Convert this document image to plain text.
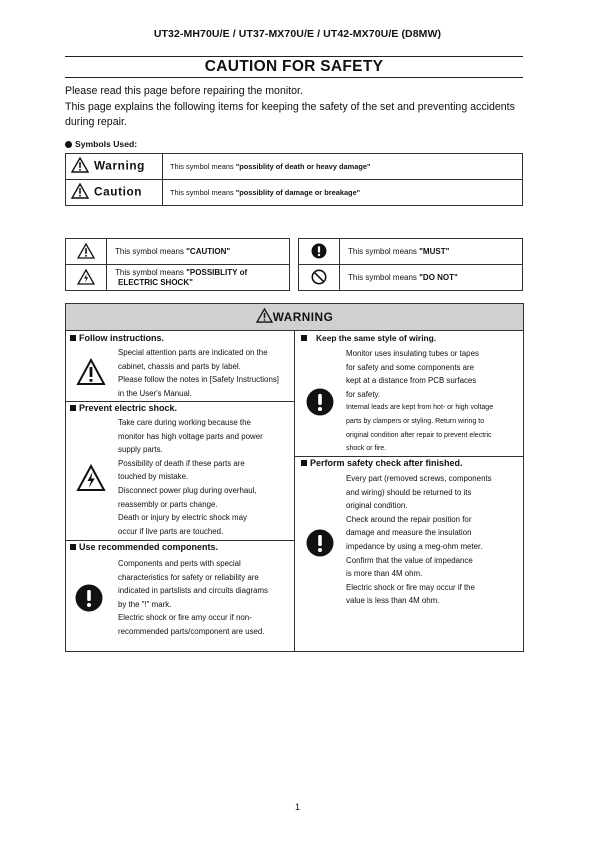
UT32-MH70U/E / UT37-MX70U/E / UT42-MX70U/E (D8MW)
CAUTION FOR SAFETY
Please read this page before repairing the monitor.
This page explains the following items for keeping the safety of the set and preventing accidents
during repair.
Symbols Used:
Warning	This symbol means "possiblity of death or heavy damage"
Caution	This symbol means "possiblity of damage or breakage"
	This symbol means "CAUTION"
	This symbol means "POSSIBLITY of
ELECTRIC SHOCK"
	This symbol means "MUST"
	This symbol means "DO NOT"
WARNING
Follow instructions.
Special attention parts are indicated on the
cabinet, chassis and parts by label.
Please follow the notes in [Safety Instructions]
in the User's Manual.
Prevent electric shock.
Take care during working because the
monitor has high voltage parts and power
supply parts.
Possibility of death if these parts are
touched by mistake.
Disconnect power plug during overhaul,
reassembly or parts change.
Death or injury by electric shock may
occur if live parts are touched.
Use recommended components.
Components and perts with special
characteristics for safety or reliability are
indicated in partslists and circuits diagrams
by the "!" mark.
Electric shock or fire amy occur if non-
recommended parts/component are used.
Keep the same style of wiring.
Monitor uses insulating tubes or tapes
for safety and some components are
kept at a distance from PCB surfaces
for safety.
Internal leads are kept from hot- or high voltage
parts by clampers or styling. Return wiring to
original condition after repair to prevent electric
shock or fire.
Perform safety check after finished.
Every part (removed screws, components
and wiring) should be returned to its
original condition.
Check around the repair position for
damage and measure the insulation
impedance by using a meg-ohm meter.
Confirm that the value of impedance
is more than 4M ohm.
Electric shock or fire may occur if the
value is less than 4M ohm.
1
